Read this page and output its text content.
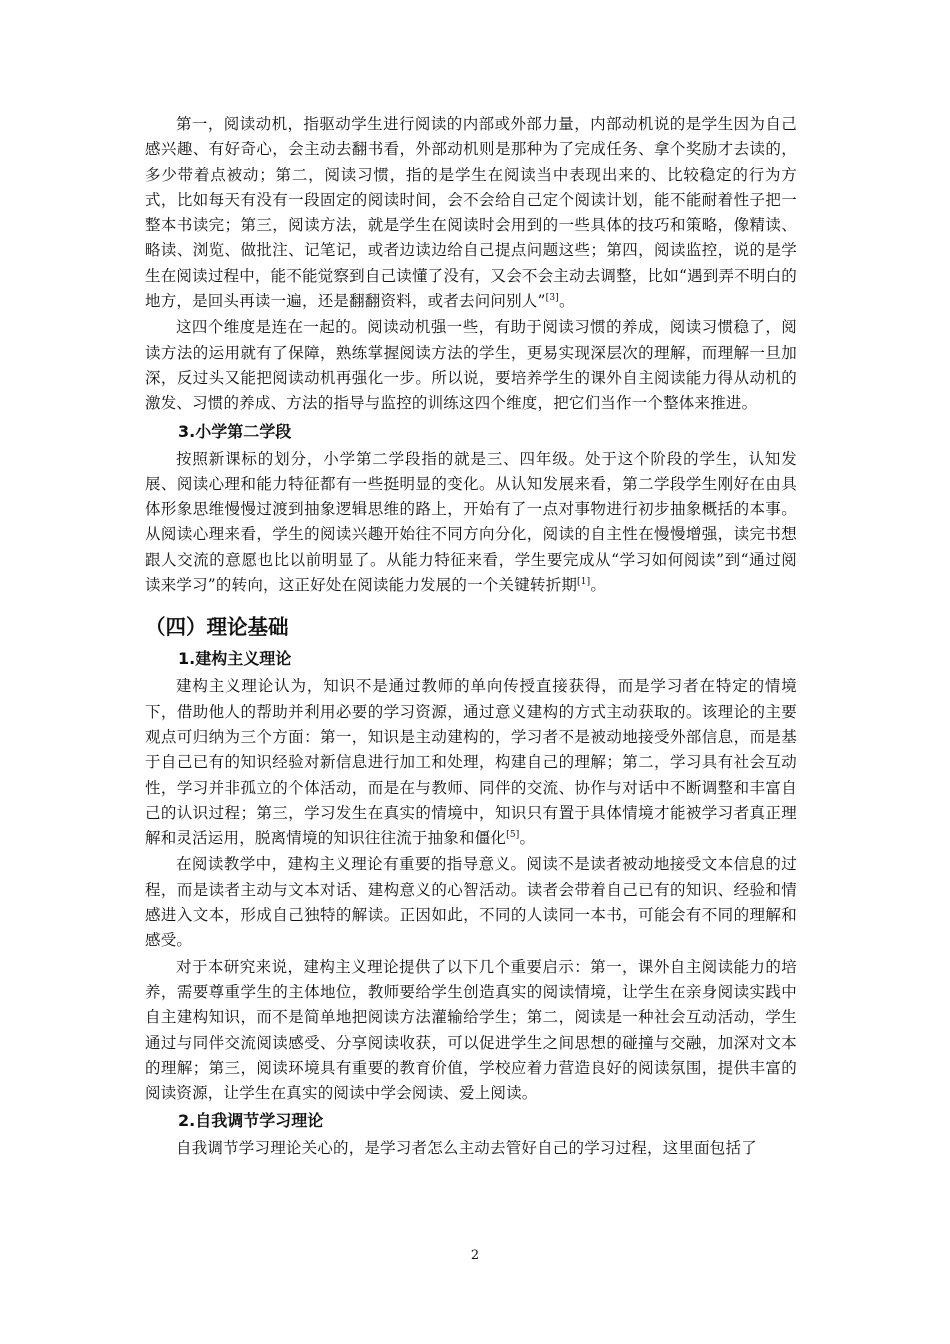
第一，阅读动机，指驱动学生进行阅读的内部或外部力量，内部动机说的是学生因为自己感兴趣、有好奇心，会主动去翻书看，外部动机则是那种为了完成任务、拿个奖励才去读的，多少带着点被动；第二，阅读习惯，指的是学生在阅读当中表现出来的、比较稳定的行为方式，比如每天有没有一段固定的阅读时间，会不会给自己定个阅读计划，能不能耐着性子把一整本书读完；第三，阅读方法，就是学生在阅读时会用到的一些具体的技巧和策略，像精读、略读、浏览、做批注、记笔记，或者边读边给自己提点问题这些；第四，阅读监控，说的是学生在阅读过程中，能不能觉察到自己读懂了没有，又会不会主动去调整，比如“遇到弄不明白的地方，是回头再读一遍，还是翻翻资料，或者去问问别人”[3]。

这四个维度是连在一起的。阅读动机强一些，有助于阅读习惯的养成，阅读习惯稳了，阅读方法的运用就有了保障，熟练掌握阅读方法的学生，更易实现深层次的理解，而理解一旦加深，反过头又能把阅读动机再强化一步。所以说，要培养学生的课外自主阅读能力得从动机的激发、习惯的养成、方法的指导与监控的训练这四个维度，把它们当作一个整体来推进。

3.小学第二学段

按照新课标的划分，小学第二学段指的就是三、四年级。处于这个阶段的学生，认知发展、阅读心理和能力特征都有一些挺明显的变化。从认知发展来看，第二学段学生刚好在由具体形象思维慢慢过渡到抽象逻辑思维的路上，开始有了一点对事物进行初步抽象概括的本事。从阅读心理来看，学生的阅读兴趣开始往不同方向分化，阅读的自主性在慢慢增强，读完书想跟人交流的意愿也比以前明显了。从能力特征来看，学生要完成从“学习如何阅读”到“通过阅读来学习”的转向，这正好处在阅读能力发展的一个关键转折期[1]。

（四）理论基础
1.建构主义理论

建构主义理论认为，知识不是通过教师的单向传授直接获得，而是学习者在特定的情境下，借助他人的帮助并利用必要的学习资源，通过意义建构的方式主动获取的。该理论的主要观点可归纳为三个方面：第一，知识是主动建构的，学习者不是被动地接受外部信息，而是基于自己已有的知识经验对新信息进行加工和处理，构建自己的理解；第二，学习具有社会互动性，学习并非孤立的个体活动，而是在与教师、同伴的交流、协作与对话中不断调整和丰富自己的认识过程；第三，学习发生在真实的情境中，知识只有置于具体情境才能被学习者真正理解和灵活运用，脱离情境的知识往往流于抽象和僵化[5]。

在阅读教学中，建构主义理论有重要的指导意义。阅读不是读者被动地接受文本信息的过程，而是读者主动与文本对话、建构意义的心智活动。读者会带着自己已有的知识、经验和情感进入文本，形成自己独特的解读。正因如此，不同的人读同一本书，可能会有不同的理解和感受。

对于本研究来说，建构主义理论提供了以下几个重要启示：第一，课外自主阅读能力的培养，需要尊重学生的主体地位，教师要给学生创造真实的阅读情境，让学生在亲身阅读实践中自主建构知识，而不是简单地把阅读方法灌输给学生；第二，阅读是一种社会互动活动，学生通过与同伴交流阅读感受、分享阅读收获，可以促进学生之间思想的碰撞与交融，加深对文本的理解；第三，阅读环境具有重要的教育价值，学校应着力营造良好的阅读氛围，提供丰富的阅读资源，让学生在真实的阅读中学会阅读、爱上阅读。

2.自我调节学习理论

自我调节学习理论关心的，是学习者怎么主动去管好自己的学习过程，这里面包括了

2
